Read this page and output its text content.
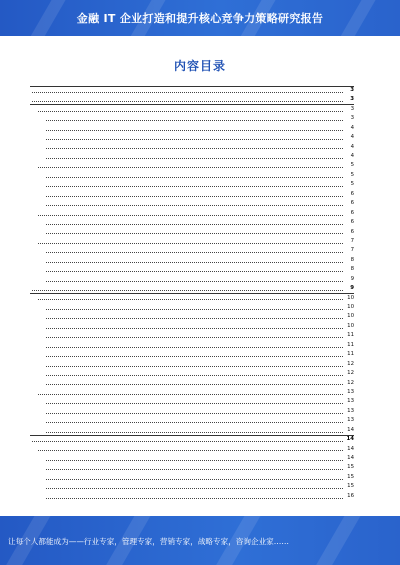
金融 IT 企业打造和提升核心竞争力策略研究报告
内容目录
3
3
3
3
4
4
4
4
5
5
5
6
6
6
6
6
7
7
8
8
9
9
10
10
10
10
11
11
11
12
12
12
13
13
13
13
14
14
14
14
15
15
15
16
让每个人都能成为——行业专家，管理专家，营销专家，战略专家，咨询企业家……
